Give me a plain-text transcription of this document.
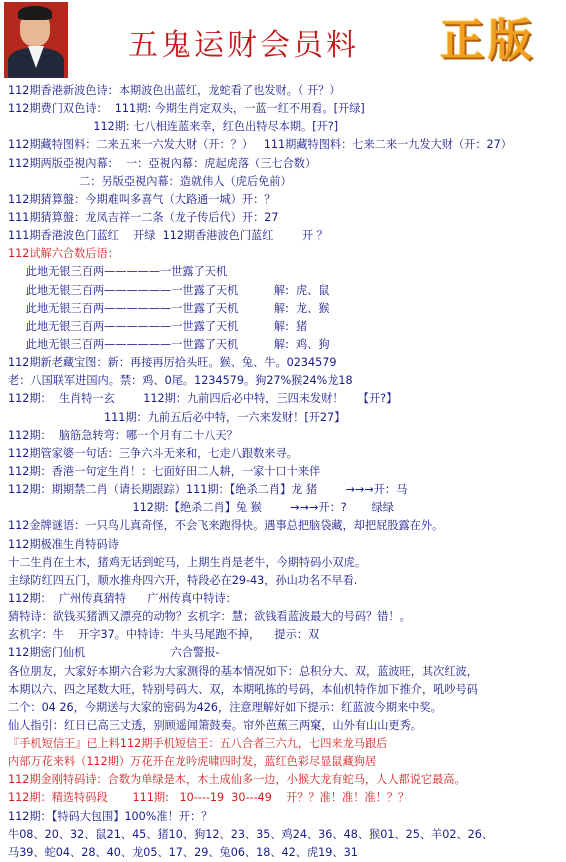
五鬼运财会员料 正版
112期香港新波色诗：本期波色出蓝红，龙蛇看了也发财。（ 开？）
112期费门双色诗：  111期: 今期生肖定双头，一蓝一红不用看。[开绿]
112期: 七八相连蓝来幸，红色出特尽本期。[开?]
112期藏特图料：二来五来一六发大财（开：？）   111期藏特图料：七来二来一九发大财（开：27）
112期两版亞視內幕：  一：亞視內幕：虎起虎落（三七合数）
二：另版亞視內幕：造就伟人（虎后免前）
112期猜算盤：今期难叫多喜气（大路通一城）开：？
111期猜算盤：龙凤吉祥一二条（龙子传后代）开：27
111期香港波色门蓝红    开绿  112期香港波色门蓝红        开 ？
112试解六合数后语：
此地无银三百两—————一世露了天机
此地无银三百两——————一世露了天机          解:  虎、鼠
此地无银三百两——————一世露了天机          解:  龙、猴
此地无银三百两——————一世露了天机          解:  猪
此地无银三百两——————一世露了天机          解:  鸡、狗
112期新老藏宝图：新：再接再厉拾头旺。猴、兔、牛。0234579
老：八国联军进国内。禁：鸡、0尾。1234579。狗27%猴24%龙18
112期：  生肖特一玄        112期：九前四后必中特，三四未发财！    【开?】
111期：九前五后必中特，一六来发财！[开27】
112期：  脑筋急转弯：哪一个月有二十八天？
112期管家婆一句话：三争六斗无来和，七走八跟数来寻。
112期：香港一句定生肖！：七面好田二人耕，一家十口十来伴
112期：期期禁二肖（请长期跟踪）111期：【绝杀二肖】龙 猪        →→→开：马
112期:【绝杀二肖】兔 猴        →→→开：?       绿绿
112金牌谜语：一只鸟儿真奇怪，不会飞来跑得快。遇事总把脑袋藏，却把屁股露在外。
112期极准生肖特码诗
十二生肖在土木，猪鸡无话到蛇马，上期生肖是老牛，今期特码小双虎。
主绿防红四五门，顺水推舟四六开，特段必在29-43，孙山功名不早看.
112期：  广州传真猜特      广州传真中特诗：
猜特诗：欲钱买猪洒又漂亮的动物？玄机字：慧；欲钱看蓝波最大的号码？错！。
玄机字：牛    开字37。中特诗：牛头马尾跑不掉，    提示：双
112期密门仙机                        六合警报-
各位朋友，大家好本期六合彩为大家测得的基本情况如下：总积分大、双，蓝波旺，其次红波，
本期以六、四之尾数大旺，特别号码大、双，本期吼拣的号码，本仙机特作加下推介，吼吵号码
二个：04 26，今期送与大家的密码为426，注意理解好如下提示：红蓝波今期来中奖。
仙人指引：红日已高三丈透，别顾遥闻箫鼓奏。帘外芭蕉三两窠，山外有山山更秀。
『手机短信王』已上料112期手机短信王：五八合者三六九，七四来龙马跟后
内部万花来料（112期）万花开在龙吟虎啸四时发，蓝红色彩尽显鼠藏狗居
112期金刚特码诗：合数为单绿是木，木土成仙多一边，小猴大龙有蛇马，人人都说它最高。
112期：精选特码段       111期:   10----19  30---49    开？？准！准！准！？？
112期：【特码大包围】100%准！开：？
牛08、20、32、鼠21、45、猪10、狗12、23、35、鸡24、36、48、猴01、25、羊02、26、
马39、蛇04、28、40、龙05、17、29、兔06、18、42、虎19、31
